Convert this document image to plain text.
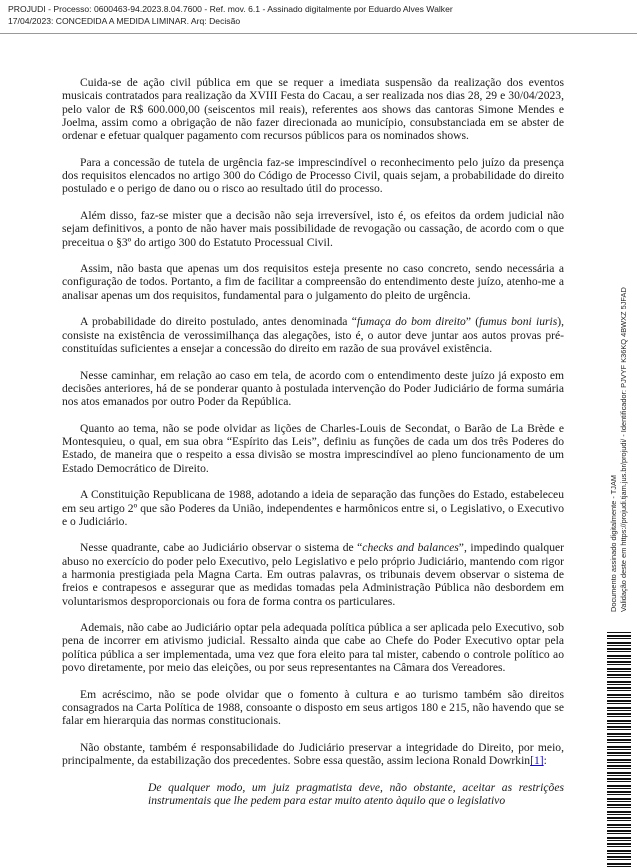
PROJUDI - Processo: 0600463-94.2023.8.04.7600 - Ref. mov. 6.1 - Assinado digitalmente por Eduardo Alves Walker
17/04/2023: CONCEDIDA A MEDIDA LIMINAR. Arq: Decisão
Documento assinado digitalmente - TJAM Validação deste em https://projudi.tjam.jus.br/projudi/ - Identificador: PJVYF K36KQ 4BWXZ 5JFAD

Cuida-se de ação civil pública em que se requer a imediata suspensão da realização dos eventos musicais contratados para realização da XVIII Festa do Cacau, a ser realizada nos dias 28, 29 e 30/04/2023, pelo valor de R$ 600.000,00 (seiscentos mil reais), referentes aos shows das cantoras Simone Mendes e Joelma, assim como a obrigação de não fazer direcionada ao município, consubstanciada em se abster de ordenar e efetuar qualquer pagamento com recursos públicos para os nominados shows.

Para a concessão de tutela de urgência faz-se imprescindível o reconhecimento pelo juízo da presença dos requisitos elencados no artigo 300 do Código de Processo Civil, quais sejam, a probabilidade do direito postulado e o perigo de dano ou o risco ao resultado útil do processo.

Além disso, faz-se mister que a decisão não seja irreversível, isto é, os efeitos da ordem judicial não sejam definitivos, a ponto de não haver mais possibilidade de revogação ou cassação, de acordo com o que preceitua o §3º do artigo 300 do Estatuto Processual Civil.

Assim, não basta que apenas um dos requisitos esteja presente no caso concreto, sendo necessária a configuração de todos. Portanto, a fim de facilitar a compreensão do entendimento deste juízo, atenho-me a analisar apenas um dos requisitos, fundamental para o julgamento do pleito de urgência.

A probabilidade do direito postulado, antes denominada “fumaça do bom direito” (fumus boni iuris), consiste na existência de verossimilhança das alegações, isto é, o autor deve juntar aos autos provas pré-constituídas suficientes a ensejar a concessão do direito em razão de sua provável existência.

Nesse caminhar, em relação ao caso em tela, de acordo com o entendimento deste juízo já exposto em decisões anteriores, há de se ponderar quanto à postulada intervenção do Poder Judiciário de forma sumária nos atos emanados por outro Poder da República.

Quanto ao tema, não se pode olvidar as lições de Charles-Louis de Secondat, o Barão de La Brède e Montesquieu, o qual, em sua obra “Espírito das Leis”, definiu as funções de cada um dos três Poderes do Estado, de maneira que o respeito a essa divisão se mostra imprescindível ao pleno funcionamento de um Estado Democrático de Direito.

A Constituição Republicana de 1988, adotando a ideia de separação das funções do Estado, estabeleceu em seu artigo 2º que são Poderes da União, independentes e harmônicos entre si, o Legislativo, o Executivo e o Judiciário.

Nesse quadrante, cabe ao Judiciário observar o sistema de “checks and balances”, impedindo qualquer abuso no exercício do poder pelo Executivo, pelo Legislativo e pelo próprio Judiciário, mantendo com rigor a harmonia prestigiada pela Magna Carta. Em outras palavras, os tribunais devem observar o sistema de freios e contrapesos e assegurar que as medidas tomadas pela Administração Pública não desbordem em voluntarismos desproporcionais ou fora de forma contra os particulares.

Ademais, não cabe ao Judiciário optar pela adequada política pública a ser aplicada pelo Executivo, sob pena de incorrer em ativismo judicial. Ressalto ainda que cabe ao Chefe do Poder Executivo optar pela política pública a ser implementada, uma vez que fora eleito para tal mister, cabendo o controle político ao povo diretamente, por meio das eleições, ou por seus representantes na Câmara dos Vereadores.

Em acréscimo, não se pode olvidar que o fomento à cultura e ao turismo também são direitos consagrados na Carta Política de 1988, consoante o disposto em seus artigos 180 e 215, não havendo que se falar em hierarquia das normas constitucionais.

Não obstante, também é responsabilidade do Judiciário preservar a integridade do Direito, por meio, principalmente, da estabilização dos precedentes. Sobre essa questão, assim leciona Ronald Dowrkin[1]:

De qualquer modo, um juiz pragmatista deve, não obstante, aceitar as restrições instrumentais que lhe pedem para estar muito atento àquilo que o legislativo
